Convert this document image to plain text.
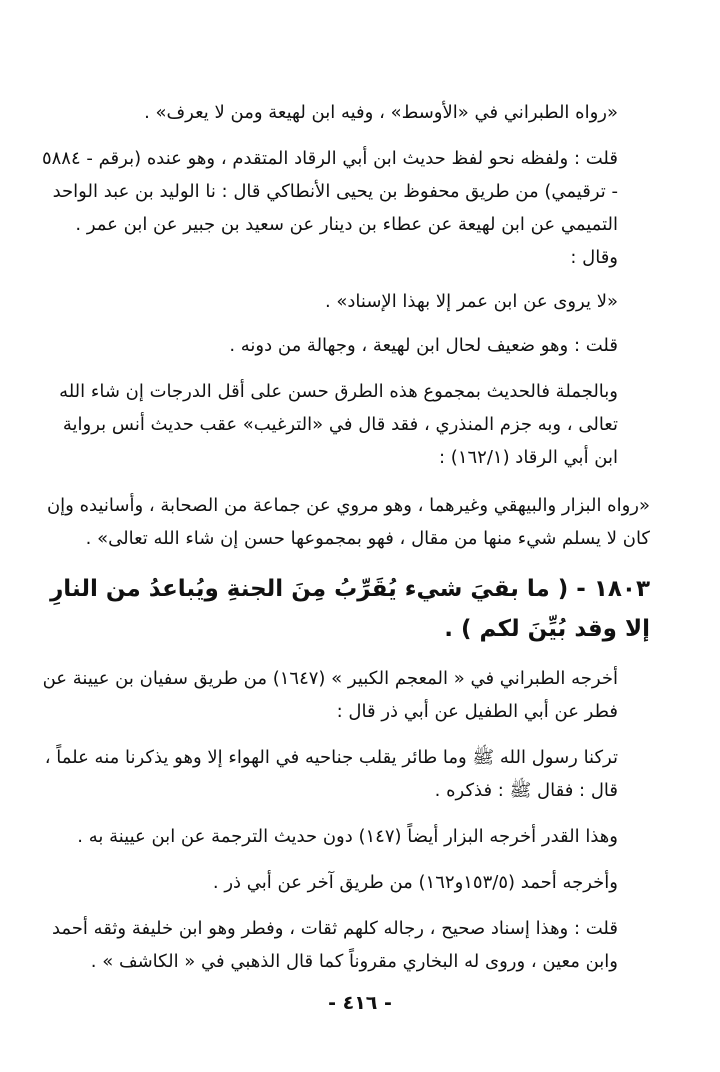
«رواه الطبراني في «الأوسط» ، وفيه ابن لهيعة ومن لا يعرف» .

قلت : ولفظه نحو لفظ حديث ابن أبي الرقاد المتقدم ، وهو عنده (برقم - ٥٨٨٤ - ترقيمي) من طريق محفوظ بن يحيى الأنطاكي قال : نا الوليد بن عبد الواحد التميمي عن ابن لهيعة عن عطاء بن دينار عن سعيد بن جبير عن ابن عمر . وقال :

«لا يروى عن ابن عمر إلا بهذا الإسناد» .

قلت : وهو ضعيف لحال ابن لهيعة ، وجهالة من دونه .

وبالجملة فالحديث بمجموع هذه الطرق حسن على أقل الدرجات إن شاء الله تعالى ، وبه جزم المنذري ، فقد قال في «الترغيب» عقب حديث أنس برواية ابن أبي الرقاد (١٦٢/١) :

«رواه البزار والبيهقي وغيرهما ، وهو مروي عن جماعة من الصحابة ، وأسانيده وإن كان لا يسلم شيء منها من مقال ، فهو بمجموعها حسن إن شاء الله تعالى» .

١٨٠٣ - ( ما بقيَ شيء يُقَرِّبُ مِنَ الجنةِ ويُباعدُ من النارِ إلا وقد بُيِّنَ لكم ) .

أخرجه الطبراني في « المعجم الكبير » (١٦٤٧) من طريق سفيان بن عيينة عن فطر عن أبي الطفيل عن أبي ذر قال :

تركنا رسول الله ﷺ وما طائر يقلب جناحيه في الهواء إلا وهو يذكرنا منه علماً ، قال : فقال ﷺ : فذكره .

وهذا القدر أخرجه البزار أيضاً (١٤٧) دون حديث الترجمة عن ابن عيينة به .

وأخرجه أحمد (١٥٣/٥و١٦٢) من طريق آخر عن أبي ذر .

قلت : وهذا إسناد صحيح ، رجاله كلهم ثقات ، وفطر وهو ابن خليفة وثقه أحمد وابن معين ، وروى له البخاري مقروناً كما قال الذهبي في « الكاشف » .

- ٤١٦ -
